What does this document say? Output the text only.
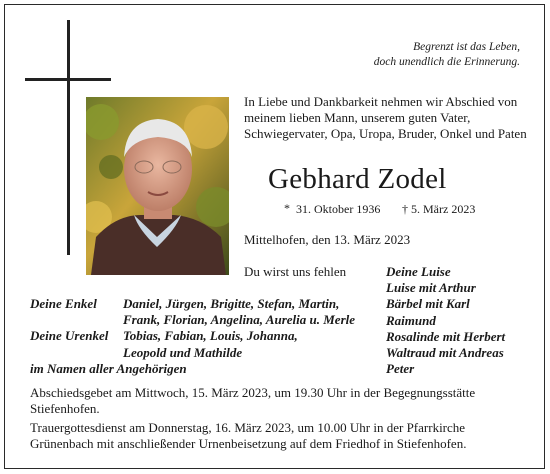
Begrenzt ist das Leben,
doch unendlich die Erinnerung.
In Liebe und Dankbarkeit nehmen wir Abschied von meinem lieben Mann, unserem guten Vater, Schwiegervater, Opa, Uropa, Bruder, Onkel und Paten
Gebhard Zodel
* 31. Oktober 1936 † 5. März 2023
Mittelhofen, den 13. März 2023
Du wirst uns fehlen	Deine Luise
Luise mit Arthur
Bärbel mit Karl
Raimund
Rosalinde mit Herbert
Waltraud mit Andreas
Peter
Deine Enkel

Deine Urenkel

im Namen aller Angehörigen
Daniel, Jürgen, Brigitte, Stefan, Martin,
Frank, Florian, Angelina, Aurelia u. Merle
Tobias, Fabian, Louis, Johanna,
Leopold und Mathilde
Abschiedsgebet am Mittwoch, 15. März 2023, um 19.30 Uhr in der Begegnungsstätte Stiefenhofen.
Trauergottesdienst am Donnerstag, 16. März 2023, um 10.00 Uhr in der Pfarrkirche Grünenbach mit anschließender Urnenbeisetzung auf dem Friedhof in Stiefenhofen.
